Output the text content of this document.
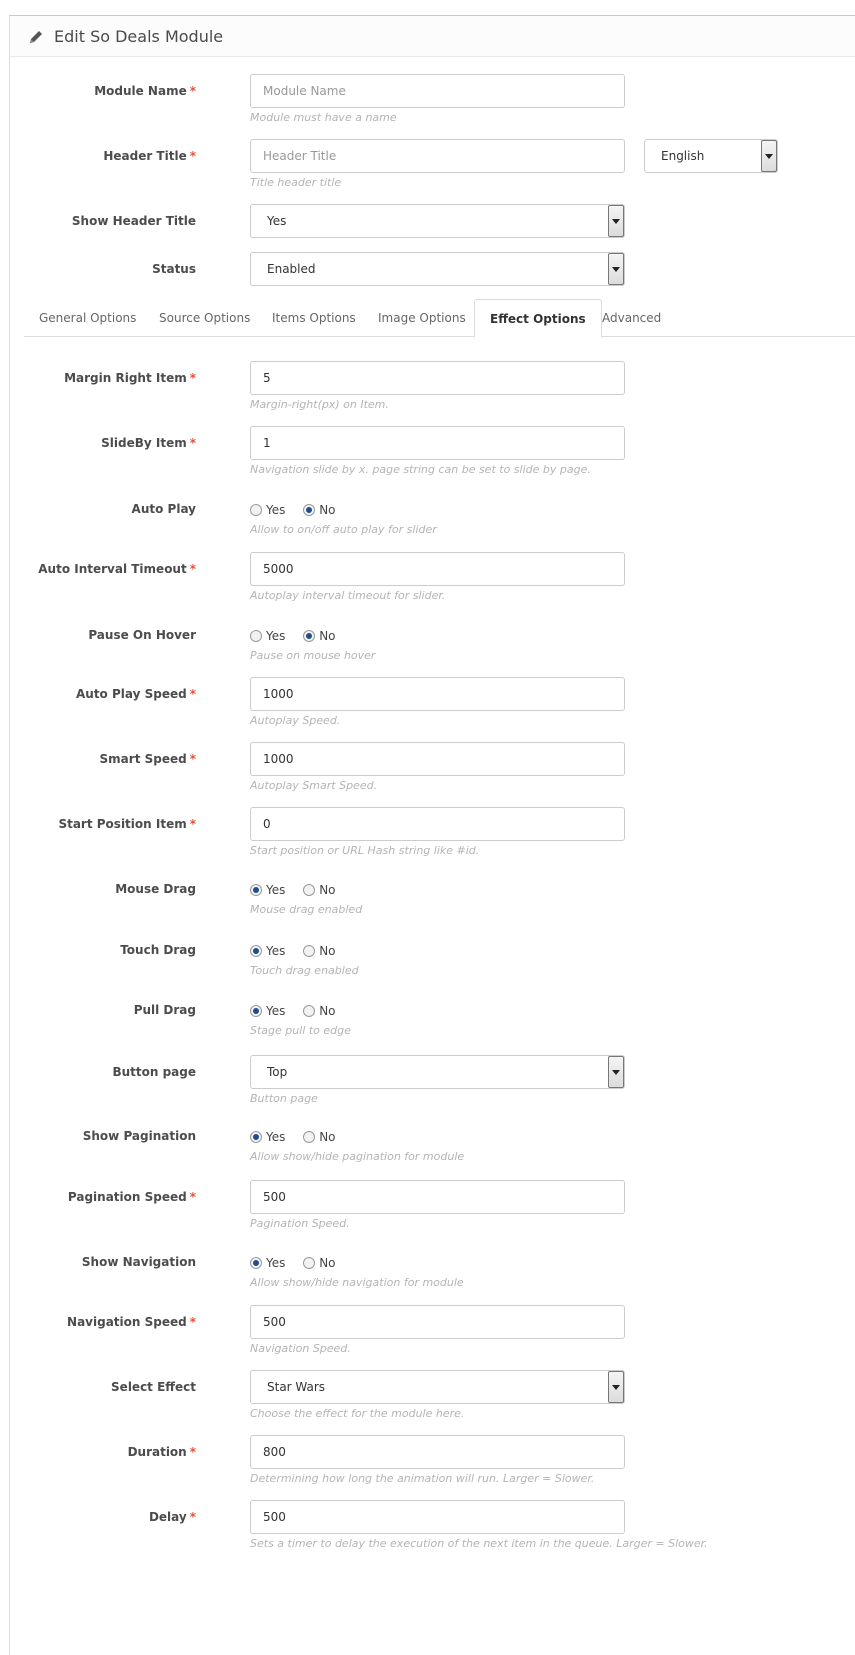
Edit So Deals Module
Module Name *	Module Name
Module must have a name
Header Title *	Header Title
Title header title
English
Show Header Title	Yes
Status	Enabled
General Options	Source Options	Items Options	Image Options	Effect Options	Advanced
Margin Right Item *	5
Margin-right(px) on Item.
SlideBy Item *	1
Navigation slide by x. page string can be set to slide by page.
Auto Play	Yes	No
Allow to on/off auto play for slider
Auto Interval Timeout *	5000
Autoplay interval timeout for slider.
Pause On Hover	Yes	No
Pause on mouse hover
Auto Play Speed *	1000
Autoplay Speed.
Smart Speed *	1000
Autoplay Smart Speed.
Start Position Item *	0
Start position or URL Hash string like #id.
Mouse Drag	Yes	No
Mouse drag enabled
Touch Drag	Yes	No
Touch drag enabled
Pull Drag	Yes	No
Stage pull to edge
Button page	Top
Button page
Show Pagination	Yes	No
Allow show/hide pagination for module
Pagination Speed *	500
Pagination Speed.
Show Navigation	Yes	No
Allow show/hide navigation for module
Navigation Speed *	500
Navigation Speed.
Select Effect	Star Wars
Choose the effect for the module here.
Duration *	800
Determining how long the animation will run. Larger = Slower.
Delay *	500
Sets a timer to delay the execution of the next item in the queue. Larger = Slower.
